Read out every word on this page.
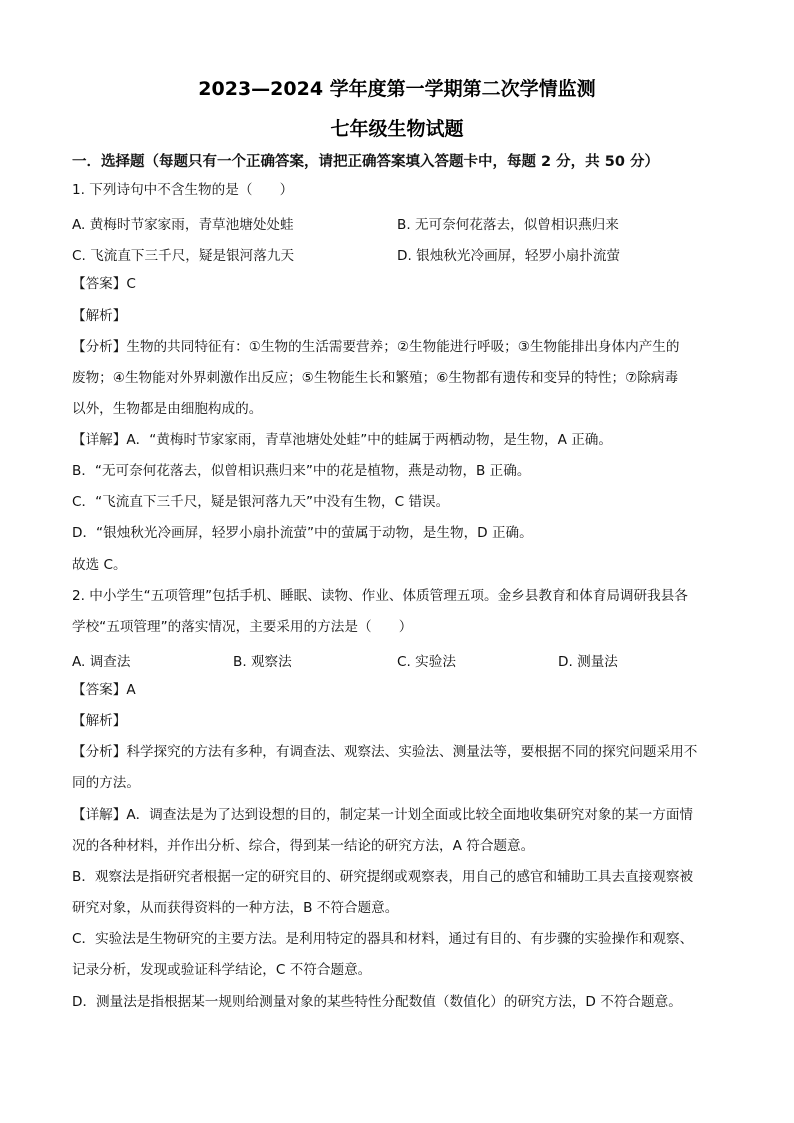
2023—2024 学年度第一学期第二次学情监测
七年级生物试题
一．选择题（每题只有一个正确答案，请把正确答案填入答题卡中，每题 2 分，共 50 分）
1. 下列诗句中不含生物的是（　　）
A. 黄梅时节家家雨，青草池塘处处蛙	B. 无可奈何花落去，似曾相识燕归来
C. 飞流直下三千尺，疑是银河落九天	D. 银烛秋光冷画屏，轻罗小扇扑流萤
【答案】C
【解析】
【分析】生物的共同特征有：①生物的生活需要营养；②生物能进行呼吸；③生物能排出身体内产生的
废物；④生物能对外界刺激作出反应；⑤生物能生长和繁殖；⑥生物都有遗传和变异的特性；⑦除病毒
以外，生物都是由细胞构成的。
【详解】A．“黄梅时节家家雨，青草池塘处处蛙”中的蛙属于两栖动物，是生物，A 正确。
B．“无可奈何花落去，似曾相识燕归来”中的花是植物，燕是动物，B 正确。
C．“飞流直下三千尺，疑是银河落九天”中没有生物，C 错误。
D．“银烛秋光冷画屏，轻罗小扇扑流萤”中的萤属于动物，是生物，D 正确。
故选 C。
2. 中小学生“五项管理”包括手机、睡眠、读物、作业、体质管理五项。金乡县教育和体育局调研我县各
学校“五项管理”的落实情况，主要采用的方法是（　　）
A. 调查法	B. 观察法	C. 实验法	D. 测量法
【答案】A
【解析】
【分析】科学探究的方法有多种，有调查法、观察法、实验法、测量法等，要根据不同的探究问题采用不
同的方法。
【详解】A．调查法是为了达到设想的目的，制定某一计划全面或比较全面地收集研究对象的某一方面情
况的各种材料，并作出分析、综合，得到某一结论的研究方法，A 符合题意。
B．观察法是指研究者根据一定的研究目的、研究提纲或观察表，用自己的感官和辅助工具去直接观察被
研究对象，从而获得资料的一种方法，B 不符合题意。
C．实验法是生物研究的主要方法。是利用特定的器具和材料，通过有目的、有步骤的实验操作和观察、
记录分析，发现或验证科学结论，C 不符合题意。
D．测量法是指根据某一规则给测量对象的某些特性分配数值（数值化）的研究方法，D 不符合题意。
